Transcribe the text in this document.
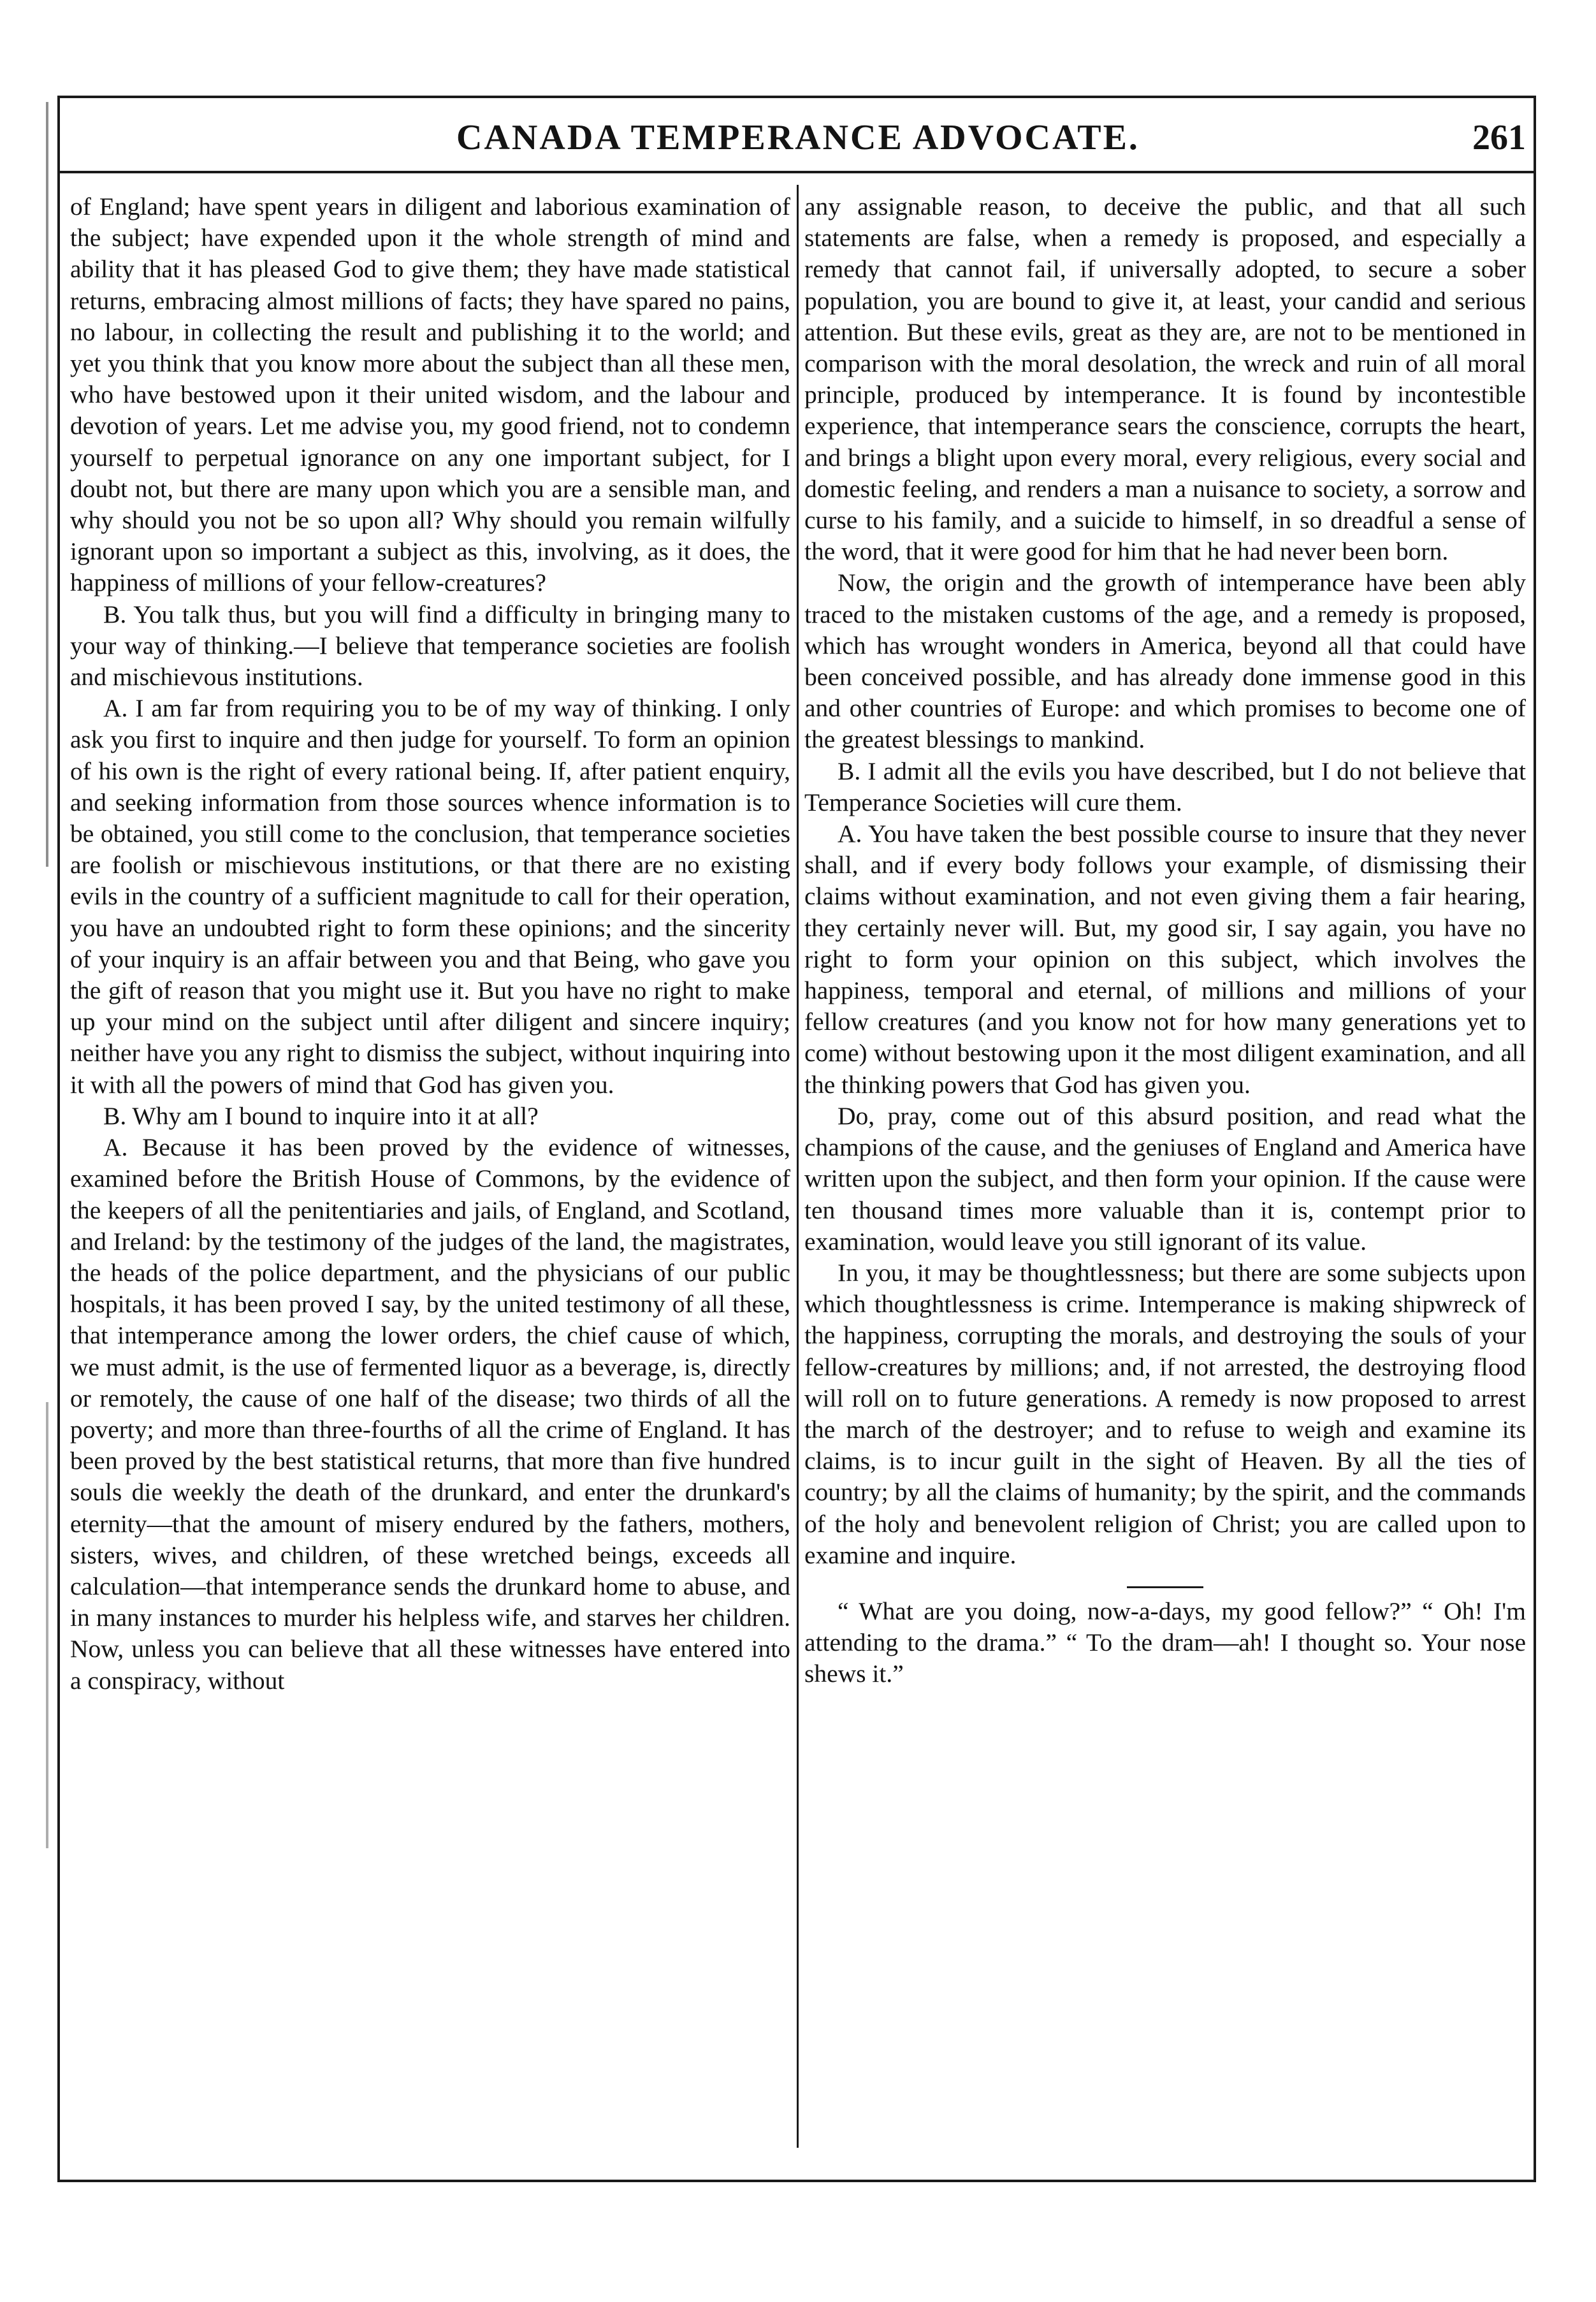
CANADA TEMPERANCE ADVOCATE.	261

of England; have spent years in diligent and laborious examination of the subject; have expended upon it the whole strength of mind and ability that it has pleased God to give them; they have made statistical returns, embracing almost millions of facts; they have spared no pains, no labour, in collecting the result and publishing it to the world; and yet you think that you know more about the subject than all these men, who have bestowed upon it their united wisdom, and the labour and devotion of years. Let me advise you, my good friend, not to condemn yourself to perpetual ignorance on any one important subject, for I doubt not, but there are many upon which you are a sensible man, and why should you not be so upon all? Why should you remain wilfully ignorant upon so important a subject as this, involving, as it does, the happiness of millions of your fellow-creatures?

B. You talk thus, but you will find a difficulty in bringing many to your way of thinking.—I believe that temperance societies are foolish and mischievous institutions.

A. I am far from requiring you to be of my way of thinking. I only ask you first to inquire and then judge for yourself. To form an opinion of his own is the right of every rational being. If, after patient enquiry, and seeking information from those sources whence information is to be obtained, you still come to the conclusion, that temperance societies are foolish or mischievous institutions, or that there are no existing evils in the country of a sufficient magnitude to call for their operation, you have an undoubted right to form these opinions; and the sincerity of your inquiry is an affair between you and that Being, who gave you the gift of reason that you might use it. But you have no right to make up your mind on the subject until after diligent and sincere inquiry; neither have you any right to dismiss the subject, without inquiring into it with all the powers of mind that God has given you.

B. Why am I bound to inquire into it at all?

A. Because it has been proved by the evidence of witnesses, examined before the British House of Commons, by the evidence of the keepers of all the penitentiaries and jails, of England, and Scotland, and Ireland: by the testimony of the judges of the land, the magistrates, the heads of the police department, and the physicians of our public hospitals, it has been proved I say, by the united testimony of all these, that intemperance among the lower orders, the chief cause of which, we must admit, is the use of fermented liquor as a beverage, is, directly or remotely, the cause of one half of the disease; two thirds of all the poverty; and more than three-fourths of all the crime of England. It has been proved by the best statistical returns, that more than five hundred souls die weekly the death of the drunkard, and enter the drunkard's eternity—that the amount of misery endured by the fathers, mothers, sisters, wives, and children, of these wretched beings, exceeds all calculation—that intemperance sends the drunkard home to abuse, and in many instances to murder his helpless wife, and starves her children. Now, unless you can believe that all these witnesses have entered into a conspiracy, without

any assignable reason, to deceive the public, and that all such statements are false, when a remedy is proposed, and especially a remedy that cannot fail, if universally adopted, to secure a sober population, you are bound to give it, at least, your candid and serious attention. But these evils, great as they are, are not to be mentioned in comparison with the moral desolation, the wreck and ruin of all moral principle, produced by intemperance. It is found by incontestible experience, that intemperance sears the conscience, corrupts the heart, and brings a blight upon every moral, every religious, every social and domestic feeling, and renders a man a nuisance to society, a sorrow and curse to his family, and a suicide to himself, in so dreadful a sense of the word, that it were good for him that he had never been born.

Now, the origin and the growth of intemperance have been ably traced to the mistaken customs of the age, and a remedy is proposed, which has wrought wonders in America, beyond all that could have been conceived possible, and has already done immense good in this and other countries of Europe: and which promises to become one of the greatest blessings to mankind.

B. I admit all the evils you have described, but I do not believe that Temperance Societies will cure them.

A. You have taken the best possible course to insure that they never shall, and if every body follows your example, of dismissing their claims without examination, and not even giving them a fair hearing, they certainly never will. But, my good sir, I say again, you have no right to form your opinion on this subject, which involves the happiness, temporal and eternal, of millions and millions of your fellow creatures (and you know not for how many generations yet to come) without bestowing upon it the most diligent examination, and all the thinking powers that God has given you.

Do, pray, come out of this absurd position, and read what the champions of the cause, and the geniuses of England and America have written upon the subject, and then form your opinion. If the cause were ten thousand times more valuable than it is, contempt prior to examination, would leave you still ignorant of its value.

In you, it may be thoughtlessness; but there are some subjects upon which thoughtlessness is crime. Intemperance is making shipwreck of the happiness, corrupting the morals, and destroying the souls of your fellow-creatures by millions; and, if not arrested, the destroying flood will roll on to future generations. A remedy is now proposed to arrest the march of the destroyer; and to refuse to weigh and examine its claims, is to incur guilt in the sight of Heaven. By all the ties of country; by all the claims of humanity; by the spirit, and the commands of the holy and benevolent religion of Christ; you are called upon to examine and inquire.

“ What are you doing, now-a-days, my good fellow?” “ Oh! I'm attending to the drama.” “ To the dram—ah! I thought so. Your nose shews it.”
